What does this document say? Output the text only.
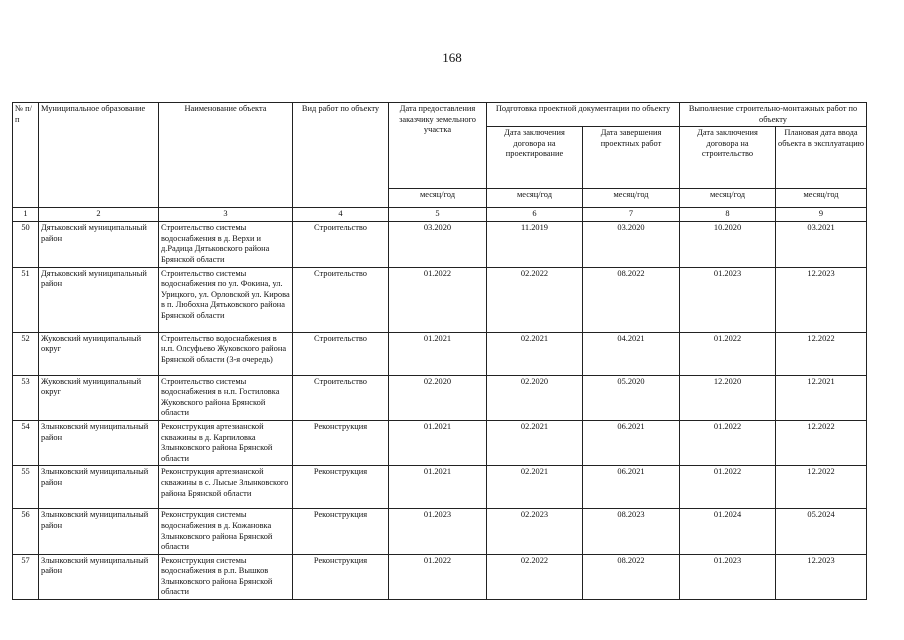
168
№ п/п	Муниципальное образование	Наименование объекта	Вид работ по объекту	Дата предоставления заказчику земельного участка	Подготовка проектной документации по объекту		Выполнение строительно-монтажных работ по объекту	
					Дата заключения договора на проектирование	Дата завершения проектных работ	Дата заключения договора на строительство	Плановая дата ввода объекта в эксплуатацию
				месяц/год	месяц/год	месяц/год	месяц/год	месяц/год
1	2	3	4	5	6	7	8	9
50	Дятьковский муниципальный район	Строительство системы водоснабжения в д. Верхи и д.Радица Дятьковского района Брянской области	Строительство	03.2020	11.2019	03.2020	10.2020	03.2021
51	Дятьковский муниципальный район	Строительство системы водоснабжения по ул. Фокина, ул. Урицкого, ул. Орловской ул. Кирова в п. Любохна Дятьковского района Брянской области	Строительство	01.2022	02.2022	08.2022	01.2023	12.2023
52	Жуковский муниципальный округ	Строительство водоснабжения в н.п. Олсуфьево Жуковского района Брянской области (3-я очередь)	Строительство	01.2021	02.2021	04.2021	01.2022	12.2022
53	Жуковский муниципальный округ	Строительство системы водоснабжения в н.п. Гостиловка Жуковского района Брянской области	Строительство	02.2020	02.2020	05.2020	12.2020	12.2021
54	Злынковский муниципальный район	Реконструкция артезианской скважины в д. Карпиловка Злынковского района Брянской области	Реконструкция	01.2021	02.2021	06.2021	01.2022	12.2022
55	Злынковский муниципальный район	Реконструкция артезианской скважины в с. Лысые Злынковского района Брянской области	Реконструкция	01.2021	02.2021	06.2021	01.2022	12.2022
56	Злынковский муниципальный район	Реконструкция системы водоснабжения в д. Кожановка Злынковского района Брянской области	Реконструкция	01.2023	02.2023	08.2023	01.2024	05.2024
57	Злынковский муниципальный район	Реконструкция системы водоснабжения в р.п. Вышков Злынковского района Брянской области	Реконструкция	01.2022	02.2022	08.2022	01.2023	12.2023
